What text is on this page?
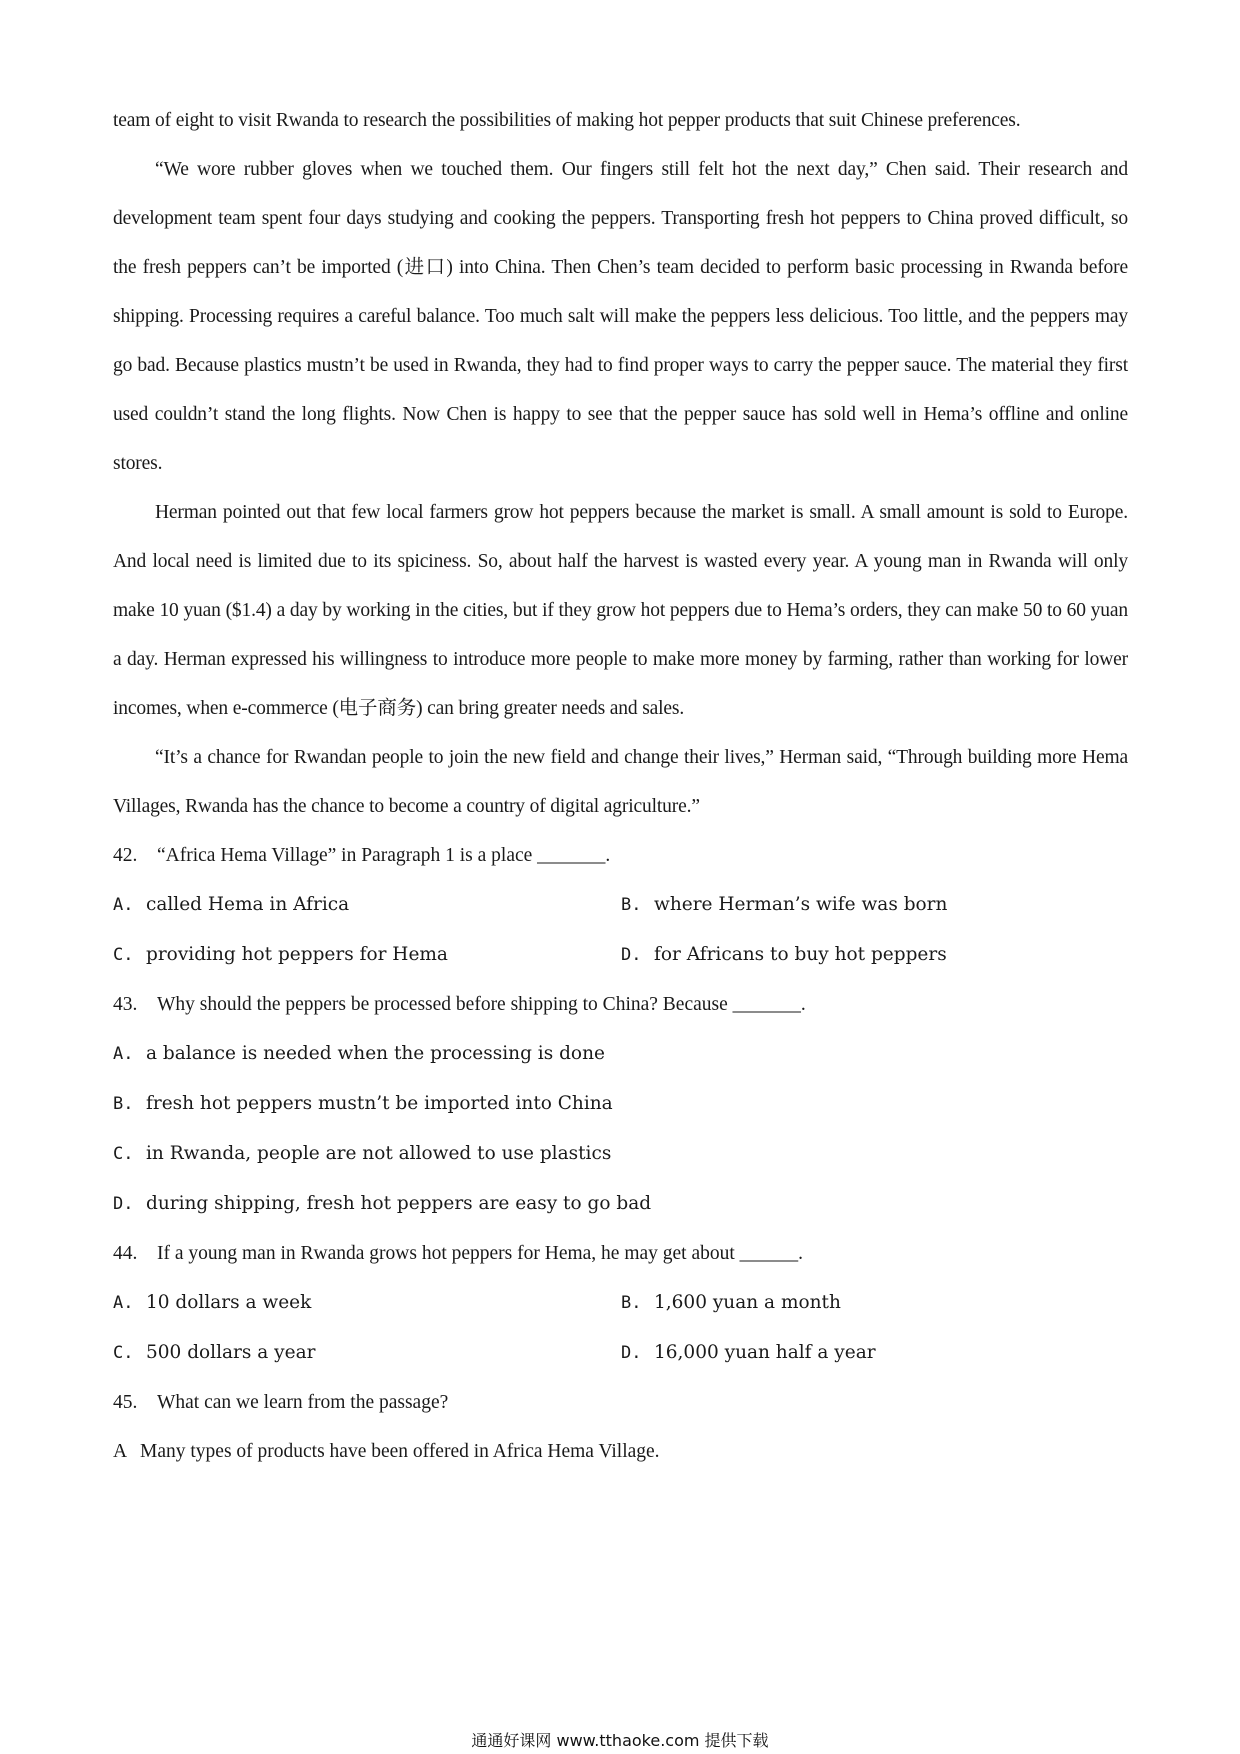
team of eight to visit Rwanda to research the possibilities of making hot pepper products that suit Chinese preferences.

“We wore rubber gloves when we touched them. Our fingers still felt hot the next day,” Chen said. Their research and development team spent four days studying and cooking the peppers. Transporting fresh hot peppers to China proved difficult, so the fresh peppers can’t be imported (进口) into China. Then Chen’s team decided to perform basic processing in Rwanda before shipping. Processing requires a careful balance. Too much salt will make the peppers less delicious. Too little, and the peppers may go bad. Because plastics mustn’t be used in Rwanda, they had to find proper ways to carry the pepper sauce. The material they first used couldn’t stand the long flights. Now Chen is happy to see that the pepper sauce has sold well in Hema’s offline and online stores.

Herman pointed out that few local farmers grow hot peppers because the market is small. A small amount is sold to Europe. And local need is limited due to its spiciness. So, about half the harvest is wasted every year. A young man in Rwanda will only make 10 yuan ($1.4) a day by working in the cities, but if they grow hot peppers due to Hema’s orders, they can make 50 to 60 yuan a day. Herman expressed his willingness to introduce more people to make more money by farming, rather than working for lower incomes, when e-commerce (电子商务) can bring greater needs and sales.

“It’s a chance for Rwandan people to join the new field and change their lives,” Herman said, “Through building more Hema Villages, Rwanda has the chance to become a country of digital agriculture.”

42. “Africa Hema Village” in Paragraph 1 is a place _______.

A. called Hema in Africa	B. where Herman’s wife was born
C. providing hot peppers for Hema	D. for Africans to buy hot peppers

43. Why should the peppers be processed before shipping to China? Because _______.

A. a balance is needed when the processing is done
B. fresh hot peppers mustn’t be imported into China
C. in Rwanda, people are not allowed to use plastics
D. during shipping, fresh hot peppers are easy to go bad

44. If a young man in Rwanda grows hot peppers for Hema, he may get about ______.

A. 10 dollars a week	B. 1,600 yuan a month
C. 500 dollars a year	D. 16,000 yuan half a year

45. What can we learn from the passage?

A Many types of products have been offered in Africa Hema Village.

通通好课网 www.tthaoke.com 提供下载
